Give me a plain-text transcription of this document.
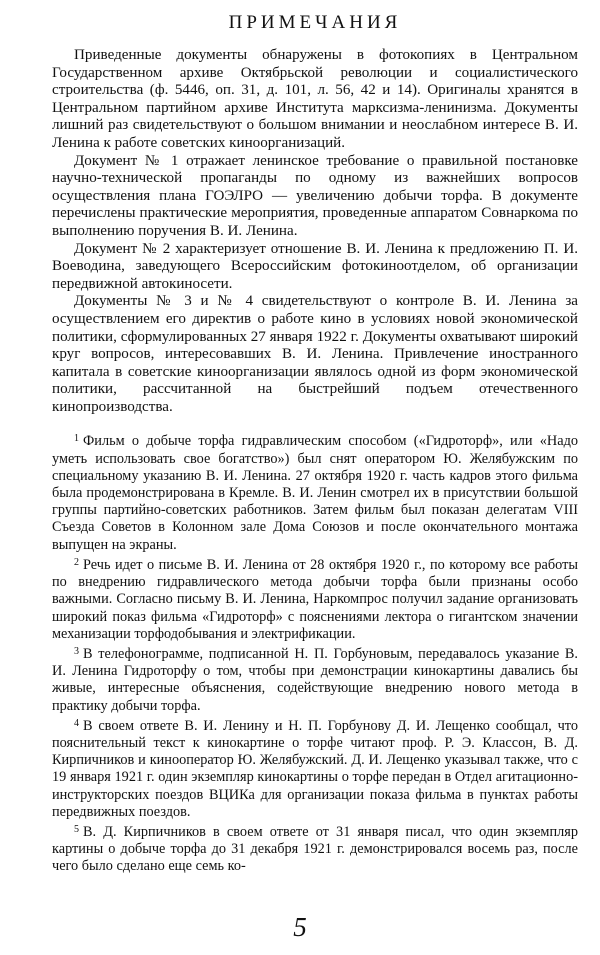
ПРИМЕЧАНИЯ

Приведенные документы обнаружены в фотокопиях в Центральном Государственном архиве Октябрьской революции и социалистического строительства (ф. 5446, оп. 31, д. 101, л. 56, 42 и 14). Оригиналы хранятся в Центральном партийном архиве Института марксизма-ленинизма. Документы лишний раз свидетельствуют о большом внимании и неослабном интересе В. И. Ленина к работе советских киноорганизаций.

Документ № 1 отражает ленинское требование о правильной постановке научно-технической пропаганды по одному из важнейших вопросов осуществления плана ГОЭЛРО — увеличению добычи торфа. В документе перечислены практические мероприятия, проведенные аппаратом Совнаркома по выполнению поручения В. И. Ленина.

Документ № 2 характеризует отношение В. И. Ленина к предложению П. И. Воеводина, заведующего Всероссийским фотокиноотделом, об организации передвижной автокиносети.

Документы № 3 и № 4 свидетельствуют о контроле В. И. Ленина за осуществлением его директив о работе кино в условиях новой экономической политики, сформулированных 27 января 1922 г. Документы охватывают широкий круг вопросов, интересовавших В. И. Ленина. Привлечение иностранного капитала в советские киноорганизации являлось одной из форм экономической политики, рассчитанной на быстрейший подъем отечественного кинопроизводства.

$^1$ Фильм о добыче торфа гидравлическим способом («Гидроторф», или «Надо уметь использовать свое богатство») был снят оператором Ю. Желябужским по специальному указанию В. И. Ленина. 27 октября 1920 г. часть кадров этого фильма была продемонстрирована в Кремле. В. И. Ленин смотрел их в присутствии большой группы партийно-советских работников. Затем фильм был показан делегатам VIII Съезда Советов в Колонном зале Дома Союзов и после окончательного монтажа выпущен на экраны.

$^2$ Речь идет о письме В. И. Ленина от 28 октября 1920 г., по которому все работы по внедрению гидравлического метода добычи торфа были признаны особо важными. Согласно письму В. И. Ленина, Наркомпрос получил задание организовать широкий показ фильма «Гидроторф» с пояснениями лектора о гигантском значении механизации торфодобывания и электрификации.

$^3$ В телефонограмме, подписанной Н. П. Горбуновым, передавалось указание В. И. Ленина Гидроторфу о том, чтобы при демонстрации кинокартины давались бы живые, интересные объяснения, содействующие внедрению нового метода в практику добычи торфа.

$^4$ В своем ответе В. И. Ленину и Н. П. Горбунову Д. И. Лещенко сообщал, что пояснительный текст к кинокартине о торфе читают проф. Р. Э. Классон, В. Д. Кирпичников и кинооператор Ю. Желябужский. Д. И. Лещенко указывал также, что с 19 января 1921 г. один экземпляр кинокартины о торфе передан в Отдел агитационно-инструкторских поездов ВЦИКа для организации показа фильма в пунктах работы передвижных поездов.

$^5$ В. Д. Кирпичников в своем ответе от 31 января писал, что один экземпляр картины о добыче торфа до 31 декабря 1921 г. демонстрировался восемь раз, после чего было сделано еще семь ко-

5
